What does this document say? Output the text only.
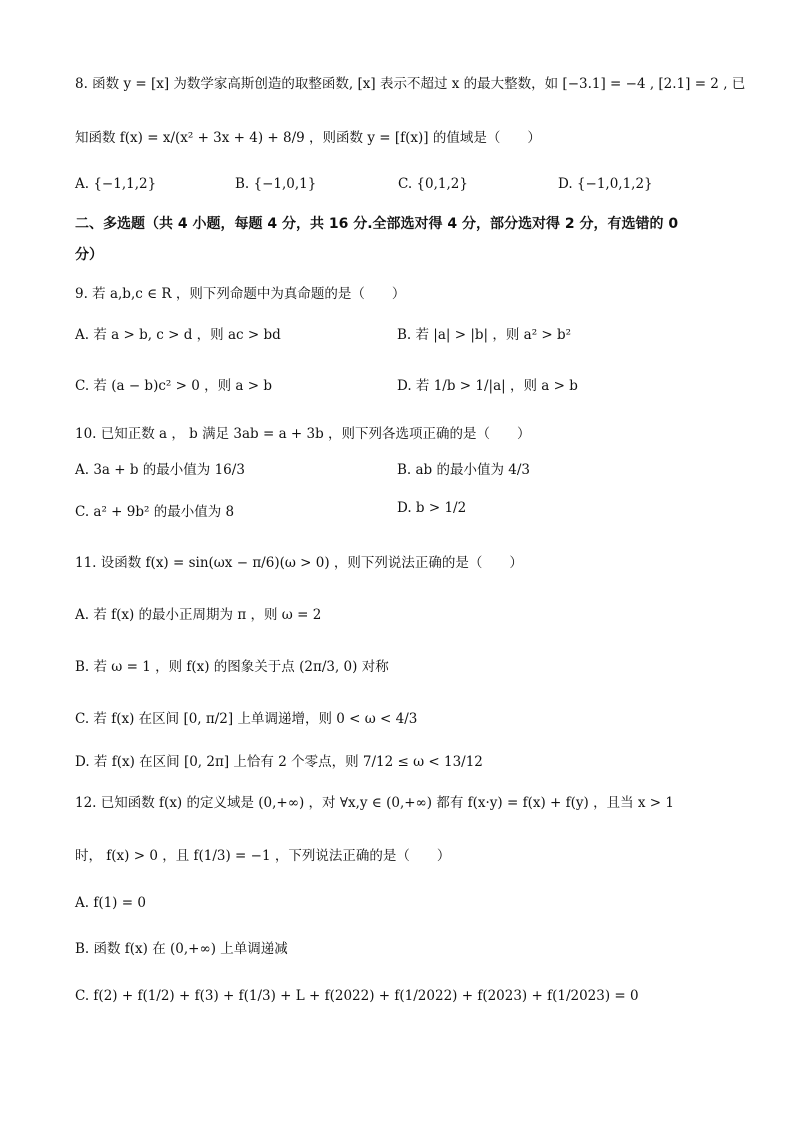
8. 函数 y = [x] 为数学家高斯创造的取整函数, [x] 表示不超过 x 的最大整数，如 [−3.1] = −4 , [2.1] = 2 , 已
知函数 f(x) = x/(x² + 3x + 4) + 8/9 ，则函数 y = [f(x)] 的值域是（　　）
A. {−1,1,2}	B. {−1,0,1}	C. {0,1,2}	D. {−1,0,1,2}
二、多选题（共 4 小题，每题 4 分，共 16 分.全部选对得 4 分，部分选对得 2 分，有选错的 0
分）
9. 若 a,b,c ∈ R ，则下列命题中为真命题的是（　　）
A. 若 a > b, c > d ，则 ac > bd	B. 若 |a| > |b| ，则 a² > b²
C. 若 (a − b)c² > 0 ，则 a > b	D. 若 1/b > 1/|a| ，则 a > b
10. 已知正数 a ， b 满足 3ab = a + 3b ，则下列各选项正确的是（　　）
A. 3a + b 的最小值为 16/3	B. ab 的最小值为 4/3
C. a² + 9b² 的最小值为 8	D. b > 1/2
11. 设函数 f(x) = sin(ωx − π/6)(ω > 0) ，则下列说法正确的是（　　）
A. 若 f(x) 的最小正周期为 π ，则 ω = 2
B. 若 ω = 1 ，则 f(x) 的图象关于点 (2π/3, 0) 对称
C. 若 f(x) 在区间 [0, π/2] 上单调递增，则 0 < ω < 4/3
D. 若 f(x) 在区间 [0, 2π] 上恰有 2 个零点，则 7/12 ≤ ω < 13/12
12. 已知函数 f(x) 的定义域是 (0,+∞) ，对 ∀x,y ∈ (0,+∞) 都有 f(x·y) = f(x) + f(y) ，且当 x > 1
时， f(x) > 0 ，且 f(1/3) = −1 ，下列说法正确的是（　　）
A. f(1) = 0
B. 函数 f(x) 在 (0,+∞) 上单调递减
C. f(2) + f(1/2) + f(3) + f(1/3) + L + f(2022) + f(1/2022) + f(2023) + f(1/2023) = 0
